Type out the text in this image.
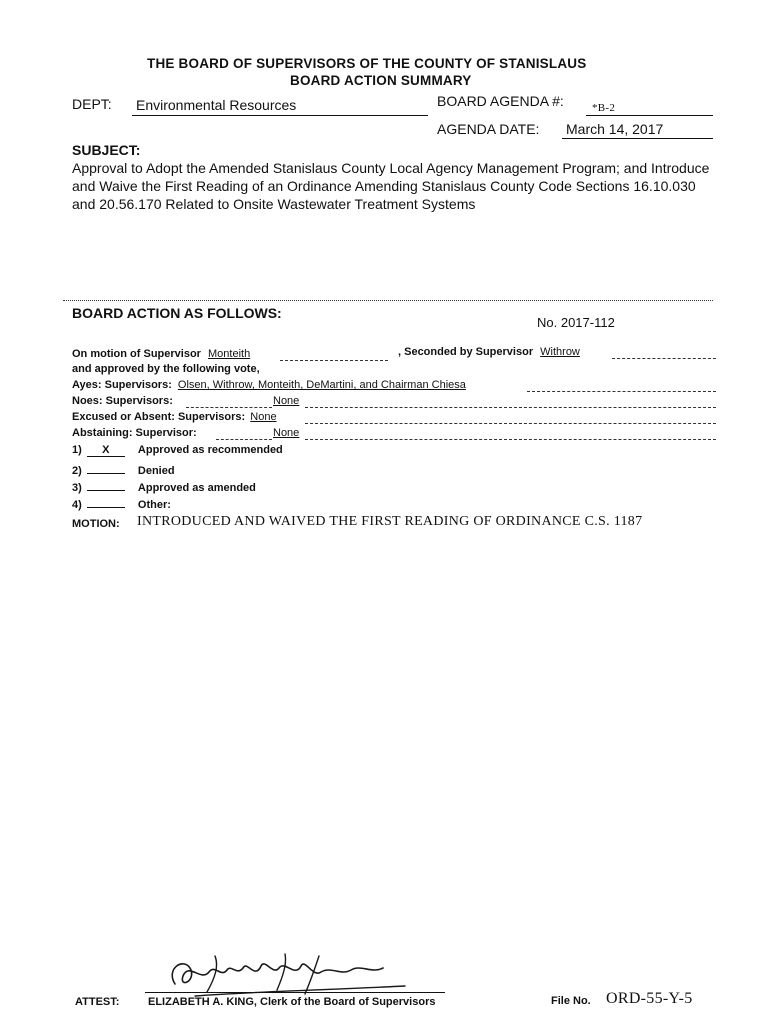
THE BOARD OF SUPERVISORS OF THE COUNTY OF STANISLAUS
BOARD ACTION SUMMARY
DEPT: Environmental Resources	BOARD AGENDA #:	*B-2
AGENDA DATE: March 14, 2017
SUBJECT:
Approval to Adopt the Amended Stanislaus County Local Agency Management Program; and Introduce and Waive the First Reading of an Ordinance Amending Stanislaus County Code Sections 16.10.030 and 20.56.170 Related to Onsite Wastewater Treatment Systems
BOARD ACTION AS FOLLOWS:
No. 2017-112
On motion of Supervisor Monteith	, Seconded by Supervisor Withrow
and approved by the following vote,
Ayes: Supervisors: Olsen, Withrow, Monteith, DeMartini, and Chairman Chiesa
Noes: Supervisors:	None
Excused or Absent: Supervisors: None
Abstaining: Supervisor:	None
1) X	Approved as recommended
2)	Denied
3)	Approved as amended
4)	Other:
MOTION: INTRODUCED AND WAIVED THE FIRST READING OF ORDINANCE C.S. 1187
ATTEST:	ELIZABETH A. KING, Clerk of the Board of Supervisors	File No. ORD-55-Y-5
